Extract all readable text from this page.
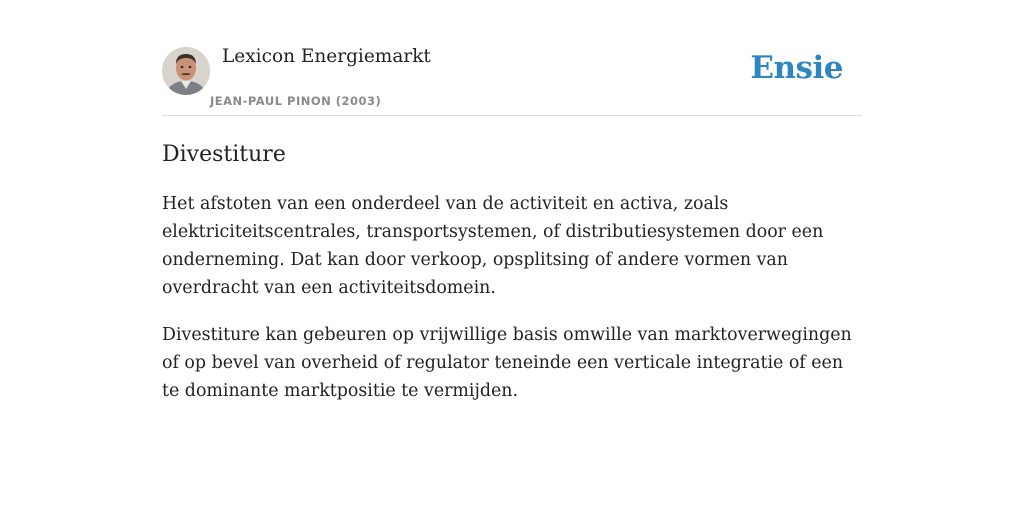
Lexicon Energiemarkt
JEAN-PAUL PINON (2003)
Ensie
Divestiture

Het afstoten van een onderdeel van de activiteit en activa, zoals elektriciteitscentrales, transportsystemen, of distributiesystemen door een onderneming. Dat kan door verkoop, opsplitsing of andere vormen van overdracht van een activiteitsdomein.

Divestiture kan gebeuren op vrijwillige basis omwille van marktoverwegingen of op bevel van overheid of regulator teneinde een verticale integratie of een te dominante marktpositie te vermijden.
